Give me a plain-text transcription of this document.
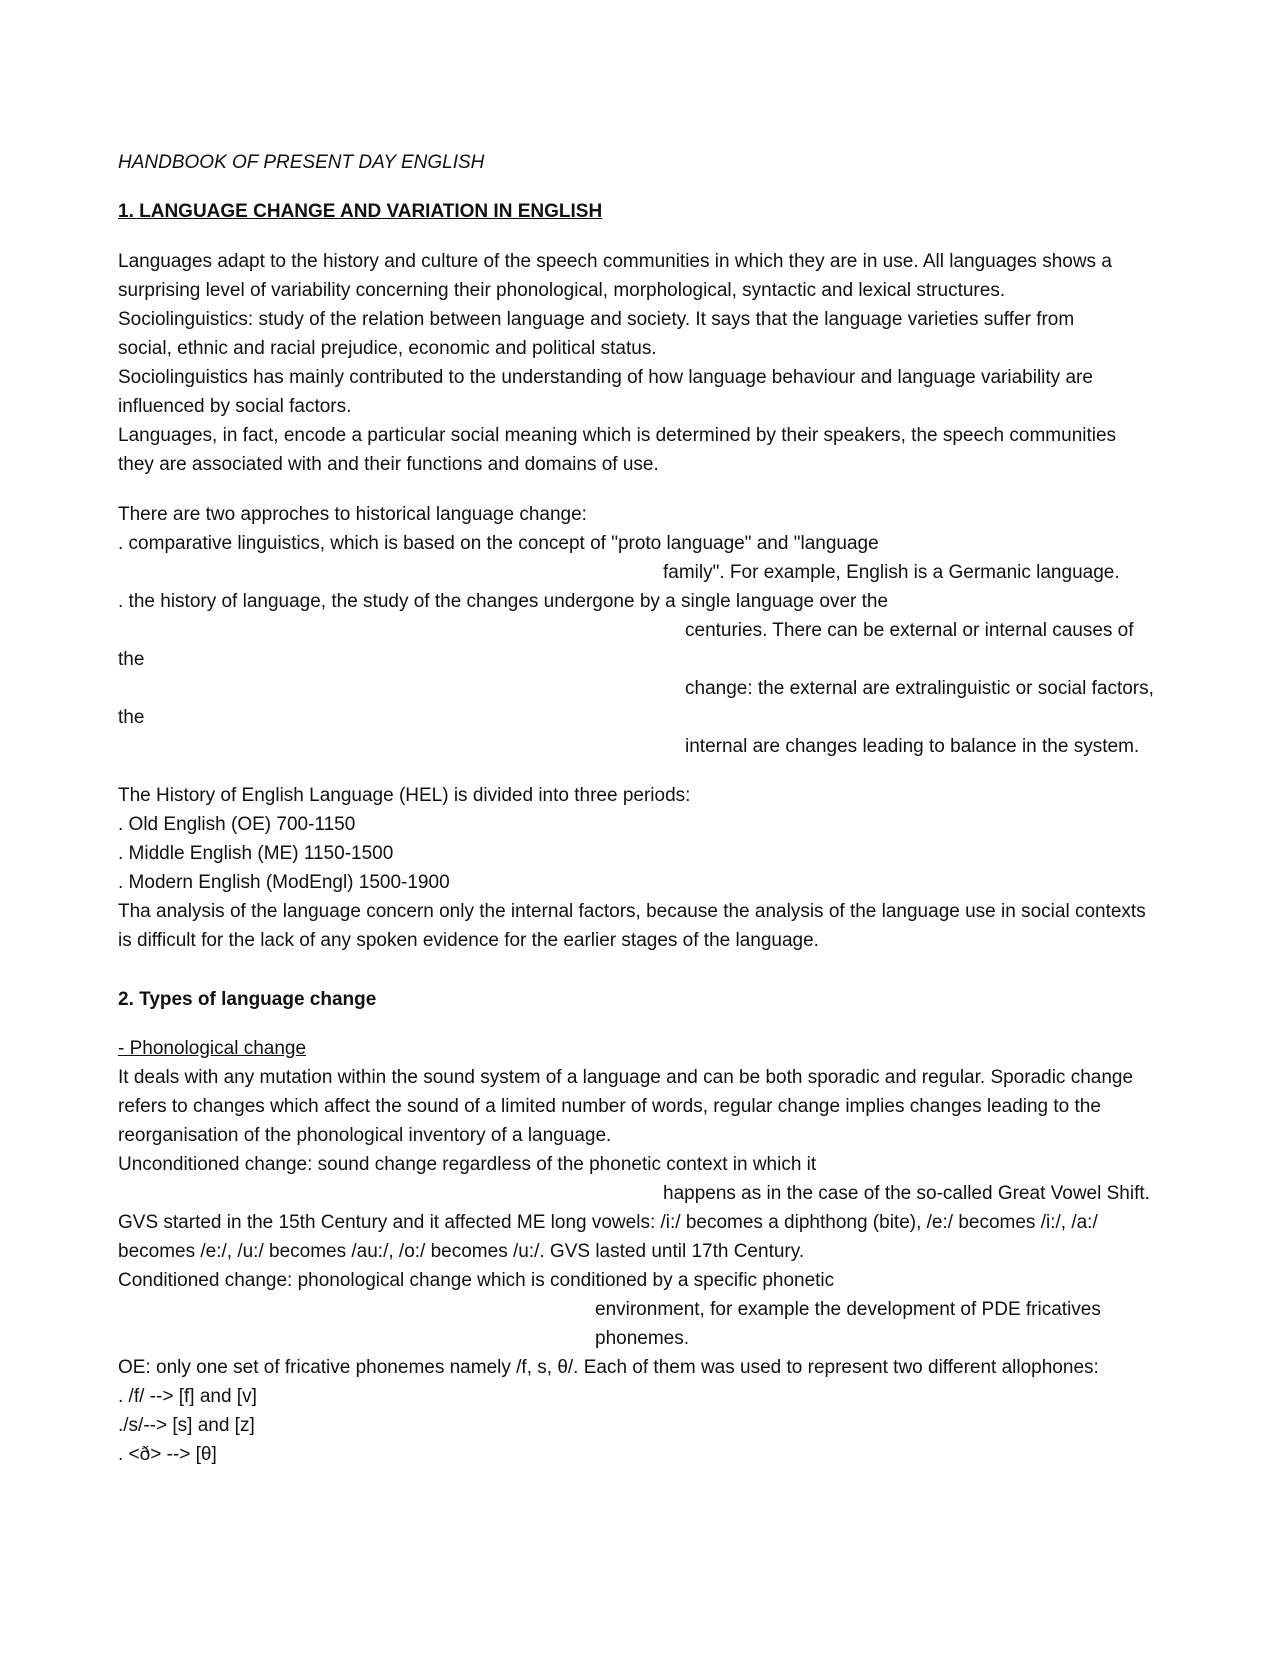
HANDBOOK OF PRESENT DAY ENGLISH
1. LANGUAGE CHANGE AND VARIATION IN ENGLISH
Languages adapt to the history and culture of the speech communities in which they are in use. All languages shows a
surprising level of variability concerning their phonological, morphological, syntactic and lexical structures.
Sociolinguistics: study of the relation between language and society. It says that the language varieties suffer from
social, ethnic and racial prejudice, economic and political status.
Sociolinguistics has mainly contributed to the understanding of how language behaviour and language variability are
influenced by social factors.
Languages, in fact, encode a particular social meaning which is determined by their speakers, the speech communities
they are associated with and their functions and domains of use.
There are two approches to historical language change:
. comparative linguistics, which is based on the concept of "proto language" and "language
family". For example, English is a Germanic language.
. the history of language, the study of the changes undergone by a single language over the
centuries. There can be external or internal causes of
the
change: the external are extralinguistic or social factors,
the
internal are changes leading to balance in the system.
The History of English Language (HEL) is divided into three periods:
. Old English (OE) 700-1150
. Middle English (ME) 1150-1500
. Modern English (ModEngl) 1500-1900
Tha analysis of the language concern only the internal factors, because the analysis of the language use in social contexts
is difficult for the lack of any spoken evidence for the earlier stages of the language.
2. Types of language change
- Phonological change
It deals with any mutation within the sound system of a language and can be both sporadic and regular. Sporadic change
refers to changes which affect the sound of a limited number of words, regular change implies changes leading to the
reorganisation of the phonological inventory of a language.
Unconditioned change: sound change regardless of the phonetic context in which it
happens as in the case of the so-called Great Vowel Shift.
GVS started in the 15th Century and it affected ME long vowels: /i:/ becomes a diphthong (bite), /e:/ becomes /i:/, /a:/
becomes /e:/, /u:/ becomes /au:/, /o:/ becomes /u:/. GVS lasted until 17th Century.
Conditioned change: phonological change which is conditioned by a specific phonetic
environment, for example the development of PDE fricatives
phonemes.
OE: only one set of fricative phonemes namely /f, s, θ/. Each of them was used to represent two different allophones:
. /f/ --> [f] and [v]
./s/--> [s] and [z]
. <ð> --> [θ]
